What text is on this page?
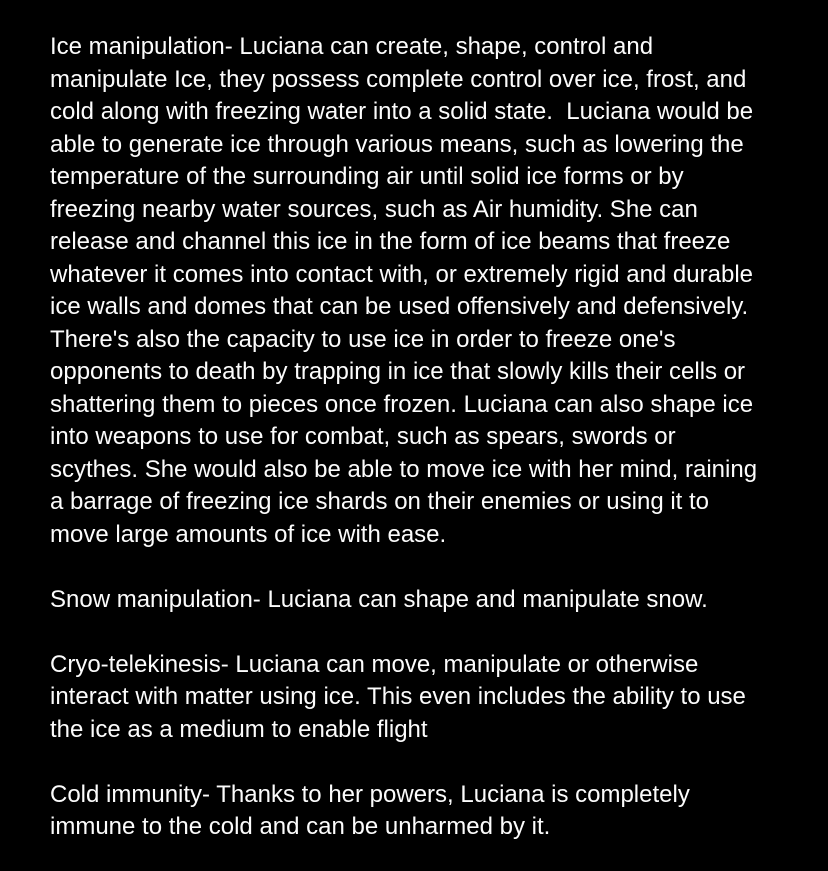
Ice manipulation- Luciana can create, shape, control and manipulate Ice, they possess complete control over ice, frost, and cold along with freezing water into a solid state.  Luciana would be able to generate ice through various means, such as lowering the temperature of the surrounding air until solid ice forms or by freezing nearby water sources, such as Air humidity. She can release and channel this ice in the form of ice beams that freeze whatever it comes into contact with, or extremely rigid and durable ice walls and domes that can be used offensively and defensively. There's also the capacity to use ice in order to freeze one's opponents to death by trapping in ice that slowly kills their cells or shattering them to pieces once frozen. Luciana can also shape ice into weapons to use for combat, such as spears, swords or scythes. She would also be able to move ice with her mind, raining a barrage of freezing ice shards on their enemies or using it to move large amounts of ice with ease.

Snow manipulation- Luciana can shape and manipulate snow.

Cryo-telekinesis- Luciana can move, manipulate or otherwise interact with matter using ice. This even includes the ability to use the ice as a medium to enable flight

Cold immunity- Thanks to her powers, Luciana is completely immune to the cold and can be unharmed by it.
